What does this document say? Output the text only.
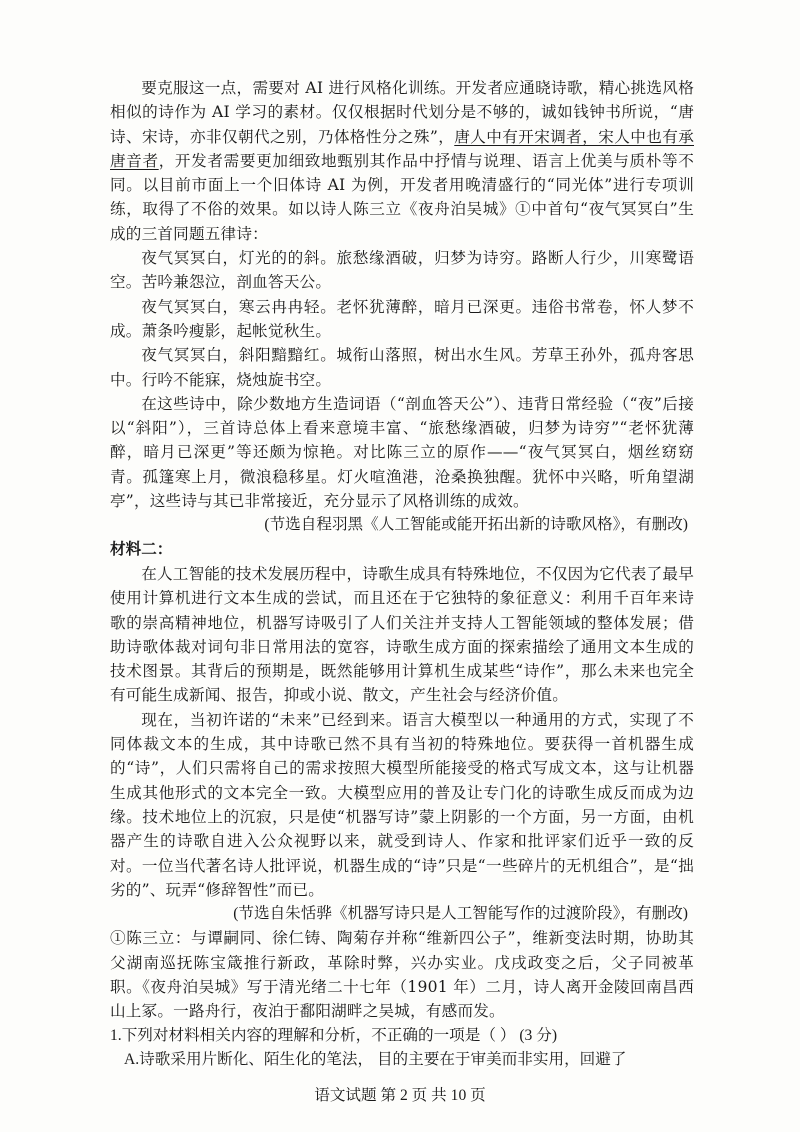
要克服这一点，需要对 AI 进行风格化训练。开发者应通晓诗歌，精心挑选风格相似的诗作为 AI 学习的素材。仅仅根据时代划分是不够的，诚如钱钟书所说，“唐诗、宋诗，亦非仅朝代之别，乃体格性分之殊”，唐人中有开宋调者，宋人中也有承唐音者，开发者需要更加细致地甄别其作品中抒情与说理、语言上优美与质朴等不同。以目前市面上一个旧体诗 AI 为例，开发者用晚清盛行的“同光体”进行专项训练，取得了不俗的效果。如以诗人陈三立《夜舟泊吴城》①中首句“夜气冥冥白”生成的三首同题五律诗：

夜气冥冥白，灯光的的斜。旅愁缘酒破，归梦为诗穷。路断人行少，川寒鹭语空。苦吟兼怨泣，剖血答天公。

夜气冥冥白，寒云冉冉轻。老怀犹薄醉，暗月已深更。违俗书常卷，怀人梦不成。萧条吟瘦影，起帐觉秋生。

夜气冥冥白，斜阳黯黯红。城衔山落照，树出水生风。芳草王孙外，孤舟客思中。行吟不能寐，烧烛旋书空。

在这些诗中，除少数地方生造词语（“剖血答天公”）、违背日常经验（“夜”后接以“斜阳”），三首诗总体上看来意境丰富、“旅愁缘酒破，归梦为诗穷”“老怀犹薄醉，暗月已深更”等还颇为惊艳。对比陈三立的原作——“夜气冥冥白，烟丝窈窈青。孤篷寒上月，微浪稳移星。灯火喧渔港，沧桑换独醒。犹怀中兴略，听角望湖亭”，这些诗与其已非常接近，充分显示了风格训练的成效。

(节选自程羽黑《人工智能或能开拓出新的诗歌风格》，有删改)

材料二：

在人工智能的技术发展历程中，诗歌生成具有特殊地位，不仅因为它代表了最早使用计算机进行文本生成的尝试，而且还在于它独特的象征意义：利用千百年来诗歌的崇高精神地位，机器写诗吸引了人们关注并支持人工智能领域的整体发展；借助诗歌体裁对词句非日常用法的宽容，诗歌生成方面的探索描绘了通用文本生成的技术图景。其背后的预期是，既然能够用计算机生成某些“诗作”，那么未来也完全有可能生成新闻、报告，抑或小说、散文，产生社会与经济价值。

现在，当初许诺的“未来”已经到来。语言大模型以一种通用的方式，实现了不同体裁文本的生成，其中诗歌已然不具有当初的特殊地位。要获得一首机器生成的“诗”，人们只需将自己的需求按照大模型所能接受的格式写成文本，这与让机器生成其他形式的文本完全一致。大模型应用的普及让专门化的诗歌生成反而成为边缘。技术地位上的沉寂，只是使“机器写诗”蒙上阴影的一个方面，另一方面，由机器产生的诗歌自进入公众视野以来，就受到诗人、作家和批评家们近乎一致的反对。一位当代著名诗人批评说，机器生成的“诗”只是“一些碎片的无机组合”，是“拙劣的”、玩弄“修辞智性”而已。

(节选自朱恬骅《机器写诗只是人工智能写作的过渡阶段》，有删改)

①陈三立：与谭嗣同、徐仁铸、陶菊存并称“维新四公子”，维新变法时期，协助其父湖南巡抚陈宝箴推行新政，革除时弊，兴办实业。戊戌政变之后，父子同被革职。《夜舟泊吴城》写于清光绪二十七年（1901 年）二月，诗人离开金陵回南昌西山上冢。一路舟行，夜泊于鄱阳湖畔之吴城，有感而发。

1.下列对材料相关内容的理解和分析，不正确的一项是（ ） (3 分)

A.诗歌采用片断化、陌生化的笔法， 目的主要在于审美而非实用，回避了

语文试题 第 2 页 共 10 页
